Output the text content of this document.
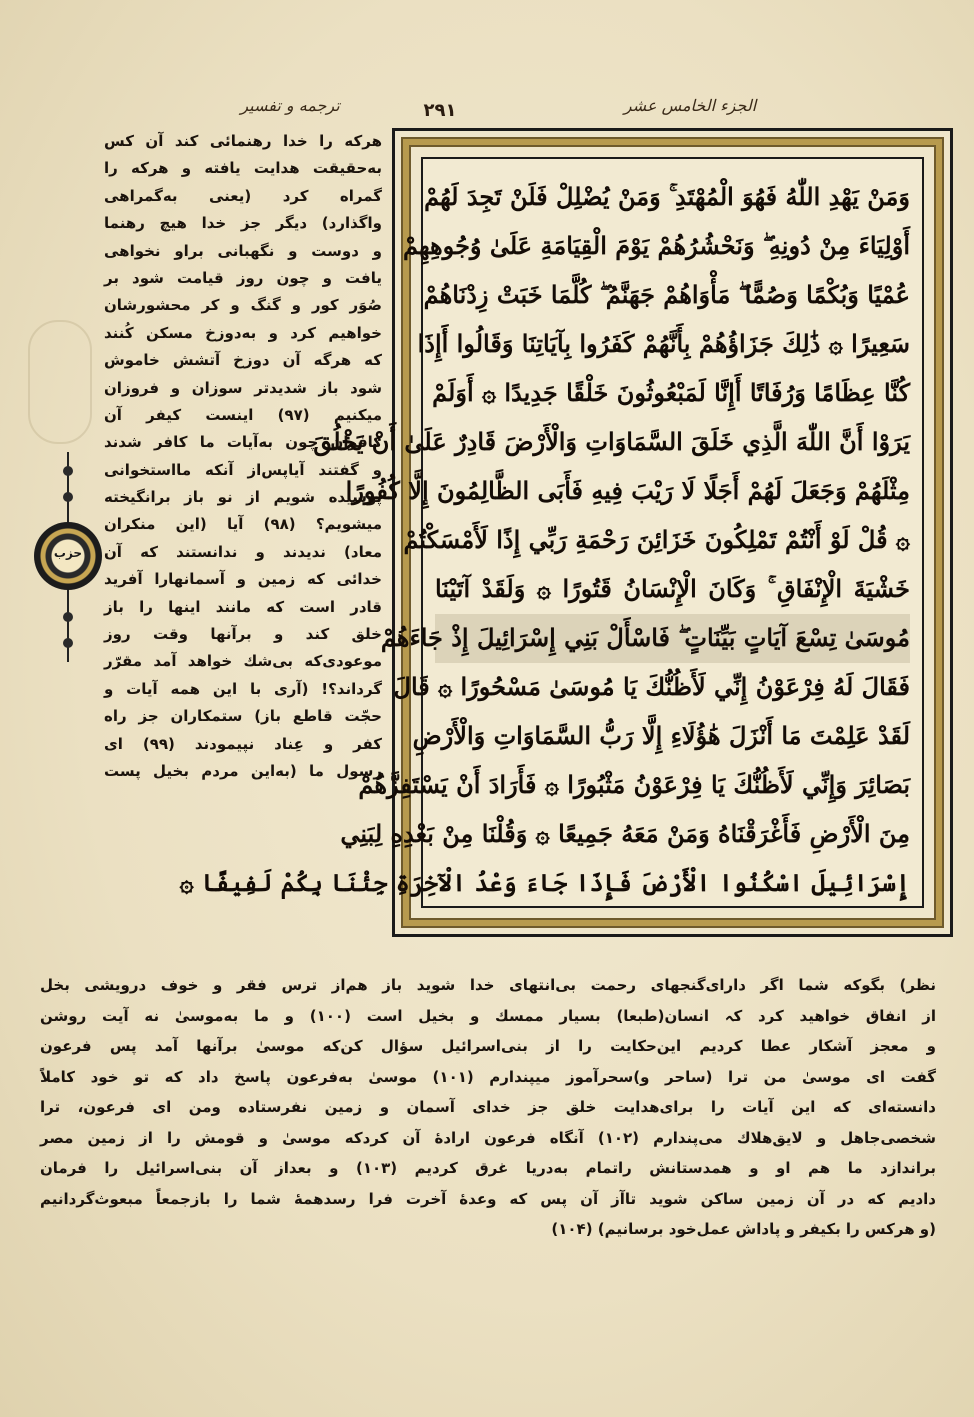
ترجمه و تفسیر	۲۹۱	الجزء الخامس عشر
هرکه را خدا رهنمائی کند آن کس
به‌حقیقت هدایت یافته و هرکه را
گمراه کرد (یعنی به‌گمراهی
واگذارد) دیگر جز خدا هیچ رهنما
و دوست و نگهبانی براو نخواهی
یافت و چون روز قیامت شود بر
صُوَر کور و گنگ و کر محشورشان
خواهیم کرد و به‌دوزخ مسکن کُنند
که هرگه آن دوزخ آتشش خاموش
شود باز شدیدتر سوزان و فروزان
میکنیم (۹۷) اینست کیفر آن
کافران چون به‌آیات ما کافر شدند
و گفتند آیاپس‌از آنکه مااستخوانی
پوسیده شویم از نو باز برانگیخته
میشویم؟ (۹۸) آیا (این منکران
معاد) ندیدند و ندانستند که آن
خدائی که زمین و آسمانهارا آفرید
قادر است که مانند اینها را باز
خلق کند و برآنها وقت روز
موعودی‌که بی‌شك خواهد آمد مقرّر
گرداند؟! (آری با این همه آیات و
حجّت قاطع باز) ستمکاران جز راه
کفر و عِناد نپیمودند (۹۹) ای
رسول ما (به‌این مردم بخیل پست
حزب
وَمَنْ يَهْدِ اللّٰهُ فَهُوَ الْمُهْتَدِ ۚ وَمَنْ يُضْلِلْ فَلَنْ تَجِدَ لَهُمْ
أَوْلِيَاءَ مِنْ دُونِهِ ۖ وَنَحْشُرُهُمْ يَوْمَ الْقِيَامَةِ عَلَىٰ وُجُوهِهِمْ
عُمْيًا وَبُكْمًا وَصُمًّا ۖ مَأْوَاهُمْ جَهَنَّمُ ۖ كُلَّمَا خَبَتْ زِدْنَاهُمْ
سَعِيرًا ۞ ذَٰلِكَ جَزَاؤُهُمْ بِأَنَّهُمْ كَفَرُوا بِآيَاتِنَا وَقَالُوا أَإِذَا
كُنَّا عِظَامًا وَرُفَاتًا أَإِنَّا لَمَبْعُوثُونَ خَلْقًا جَدِيدًا ۞ أَوَلَمْ
يَرَوْا أَنَّ اللّٰهَ الَّذِي خَلَقَ السَّمَاوَاتِ وَالْأَرْضَ قَادِرٌ عَلَىٰ أَنْ يَخْلُقَ
مِثْلَهُمْ وَجَعَلَ لَهُمْ أَجَلًا لَا رَيْبَ فِيهِ فَأَبَى الظَّالِمُونَ إِلَّا كُفُورًا
۞ قُلْ لَوْ أَنْتُمْ تَمْلِكُونَ خَزَائِنَ رَحْمَةِ رَبِّي إِذًا لَأَمْسَكْتُمْ
خَشْيَةَ الْإِنْفَاقِ ۚ وَكَانَ الْإِنْسَانُ قَتُورًا ۞ وَلَقَدْ آتَيْنَا
مُوسَىٰ تِسْعَ آيَاتٍ بَيِّنَاتٍ ۖ فَاسْأَلْ بَنِي إِسْرَائِيلَ إِذْ جَاءَهُمْ
فَقَالَ لَهُ فِرْعَوْنُ إِنِّي لَأَظُنُّكَ يَا مُوسَىٰ مَسْحُورًا ۞ قَالَ
لَقَدْ عَلِمْتَ مَا أَنْزَلَ هَٰؤُلَاءِ إِلَّا رَبُّ السَّمَاوَاتِ وَالْأَرْضِ
بَصَائِرَ وَإِنِّي لَأَظُنُّكَ يَا فِرْعَوْنُ مَثْبُورًا ۞ فَأَرَادَ أَنْ يَسْتَفِزَّهُمْ
مِنَ الْأَرْضِ فَأَغْرَقْنَاهُ وَمَنْ مَعَهُ جَمِيعًا ۞ وَقُلْنَا مِنْ بَعْدِهِ لِبَنِي
إِسْرَائِيلَ اسْكُنُوا الْأَرْضَ فَإِذَا جَاءَ وَعْدُ الْآخِرَةِ جِئْنَا بِكُمْ لَفِيفًا ۞
نظر) بگوکه شما اگر دارای‌گنجهای رحمت بی‌انتهای خدا شوید باز هم‌از ترس فقر و خوف درویشی بخل
از انفاق خواهید کرد کہ انسان(طبعا) بسیار ممسك و بخیل است (۱۰۰) و ما به‌موسیٰ نه آیت روشن
و معجز آشکار عطا کردیم این‌حکایت را از بنی‌اسرائیل سؤال کن‌که موسیٰ برآنها آمد پس فرعون
گفت ای موسیٰ من ترا (ساحر و)سحرآموز میپندارم (۱۰۱) موسیٰ به‌فرعون پاسخ داد که تو خود کاملاً
دانسته‌ای که این آیات را برای‌هدایت خلق جز خدای آسمان و زمین نفرستاده ومن ای فرعون، ترا
شخصی‌جاهل و لایق‌هلاك می‌پندارم (۱۰۲) آنگاه فرعون ارادهٔ آن کردکه موسیٰ و قومش را از زمین مصر
براندازد ما هم او و همدستانش راتمام به‌دریا غرق کردیم (۱۰۳) و بعداز آن بنی‌اسرائیل را فرمان
دادیم که در آن زمین ساکن شوید تاآز آن پس که وعدهٔ آخرت فرا رسدهمهٔ شما را بازجمعاً مبعوث‌گردانیم
(و هرکس را بکیفر و پاداش عمل‌خود برسانیم) (۱۰۴)
